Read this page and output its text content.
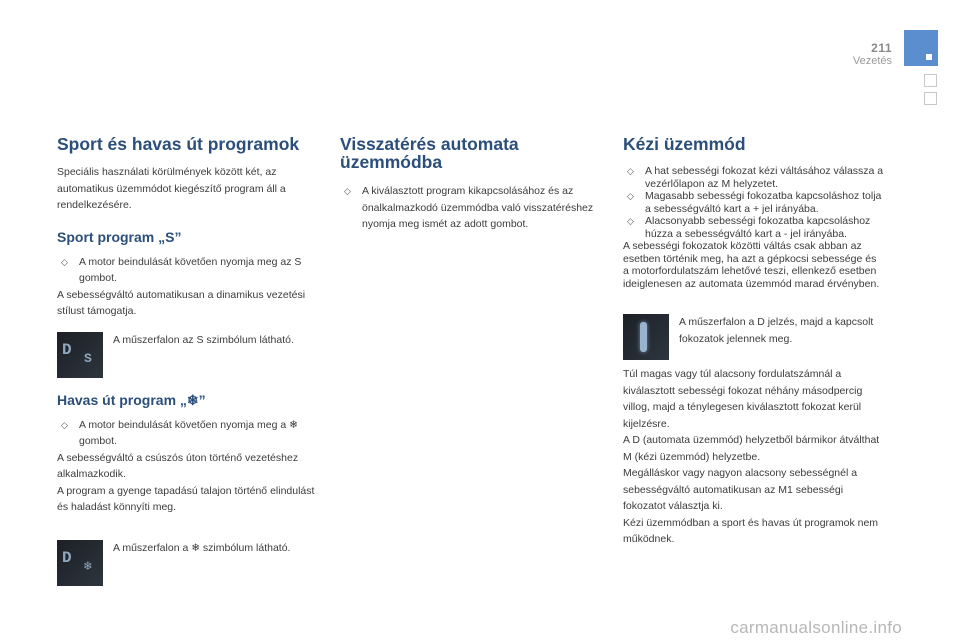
211
Vezetés
Sport és havas út programok

Speciális használati körülmények között két, az automatikus üzemmódot kiegészítő program áll a rendelkezésére.

Sport program „S”
◇ A motor beindulását követően nyomja meg az S gombot.

A sebességváltó automatikusan a dinamikus vezetési stílust támogatja.

D S
A műszerfalon az S szimbólum látható.
Havas út program „❄”
◇ A motor beindulását követően nyomja meg a ❄ gombot.

A sebességváltó a csúszós úton történő vezetéshez alkalmazkodik.

A program a gyenge tapadású talajon történő elindulást és haladást könnyíti meg.

D ❄
A műszerfalon a ❄ szimbólum látható.
Visszatérés automata üzemmódba
◇ A kiválasztott program kikapcsolásához és az önalkalmazkodó üzemmódba való visszatéréshez nyomja meg ismét az adott gombot.
Kézi üzemmód
◇ A hat sebességi fokozat kézi váltásához válassza a vezérlőlapon az M helyzetet.
◇ Magasabb sebességi fokozatba kapcsoláshoz tolja a sebességváltó kart a + jel irányába.
◇ Alacsonyabb sebességi fokozatba kapcsoláshoz húzza a sebességváltó kart a - jel irányába.

A sebességi fokozatok közötti váltás csak abban az esetben történik meg, ha azt a gépkocsi sebessége és a motorfordulatszám lehetővé teszi, ellenkező esetben ideiglenesen az automata üzemmód marad érvényben.

A műszerfalon a D jelzés, majd a kapcsolt fokozatok jelennek meg.

Túl magas vagy túl alacsony fordulatszámnál a kiválasztott sebességi fokozat néhány másodpercig villog, majd a ténylegesen kiválasztott fokozat kerül kijelzésre.

A D (automata üzemmód) helyzetből bármikor átválthat M (kézi üzemmód) helyzetbe.

Megálláskor vagy nagyon alacsony sebességnél a sebességváltó automatikusan az M1 sebességi fokozatot választja ki.

Kézi üzemmódban a sport és havas út programok nem működnek.

carmanualsonline.info
